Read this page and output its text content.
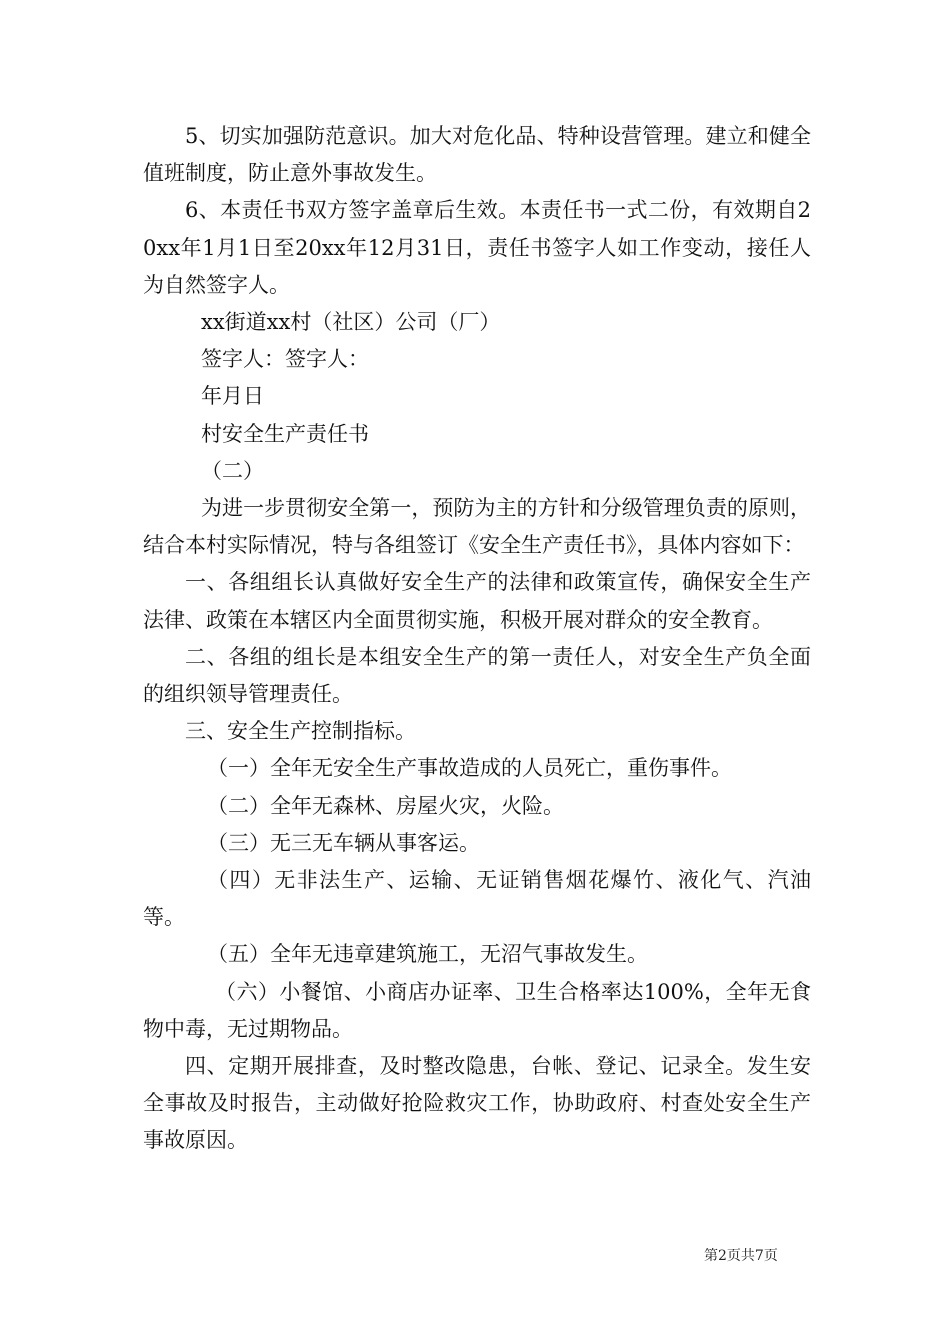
5、切实加强防范意识。加大对危化品、特种设营管理。建立和健全值班制度，防止意外事故发生。

6、本责任书双方签字盖章后生效。本责任书一式二份，有效期自20xx年1月1日至20xx年12月31日，责任书签字人如工作变动，接任人为自然签字人。

xx街道xx村（社区）公司（厂）

签字人：签字人：

年月日

村安全生产责任书

（二）

为进一步贯彻安全第一，预防为主的方针和分级管理负责的原则，结合本村实际情况，特与各组签订《安全生产责任书》，具体内容如下：

一、各组组长认真做好安全生产的法律和政策宣传，确保安全生产法律、政策在本辖区内全面贯彻实施，积极开展对群众的安全教育。

二、各组的组长是本组安全生产的第一责任人，对安全生产负全面的组织领导管理责任。

三、安全生产控制指标。

（一）全年无安全生产事故造成的人员死亡，重伤事件。

（二）全年无森林、房屋火灾，火险。

（三）无三无车辆从事客运。

（四）无非法生产、运输、无证销售烟花爆竹、液化气、汽油等。

（五）全年无违章建筑施工，无沼气事故发生。

（六）小餐馆、小商店办证率、卫生合格率达100%，全年无食物中毒，无过期物品。

四、定期开展排查，及时整改隐患，台帐、登记、记录全。发生安全事故及时报告，主动做好抢险救灾工作，协助政府、村查处安全生产事故原因。

第2页共7页
